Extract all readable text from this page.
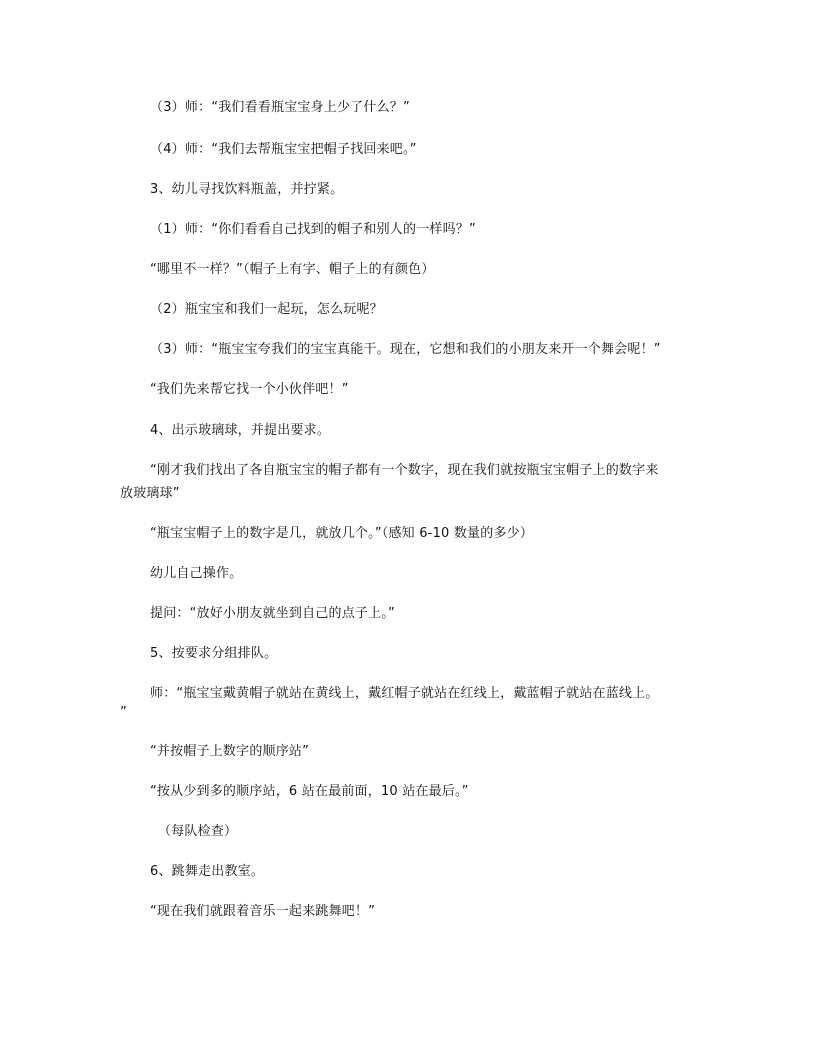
（3）师：“我们看看瓶宝宝身上少了什么？”
（4）师：“我们去帮瓶宝宝把帽子找回来吧。”
3、幼儿寻找饮料瓶盖，并拧紧。
（1）师：“你们看看自己找到的帽子和别人的一样吗？”
“哪里不一样？”（帽子上有字、帽子上的有颜色）
（2）瓶宝宝和我们一起玩，怎么玩呢？
（3）师：“瓶宝宝夸我们的宝宝真能干。现在，它想和我们的小朋友来开一个舞会呢！”
“我们先来帮它找一个小伙伴吧！”
4、出示玻璃球，并提出要求。
“刚才我们找出了各自瓶宝宝的帽子都有一个数字，现在我们就按瓶宝宝帽子上的数字来
放玻璃球”
“瓶宝宝帽子上的数字是几，就放几个。”（感知 6-10 数量的多少）
幼儿自己操作。
提问：“放好小朋友就坐到自己的点子上。”
5、按要求分组排队。
师：“瓶宝宝戴黄帽子就站在黄线上，戴红帽子就站在红线上，戴蓝帽子就站在蓝线上。
”
“并按帽子上数字的顺序站”
“按从少到多的顺序站，6 站在最前面，10 站在最后。”
（每队检查）
6、跳舞走出教室。
“现在我们就跟着音乐一起来跳舞吧！”
